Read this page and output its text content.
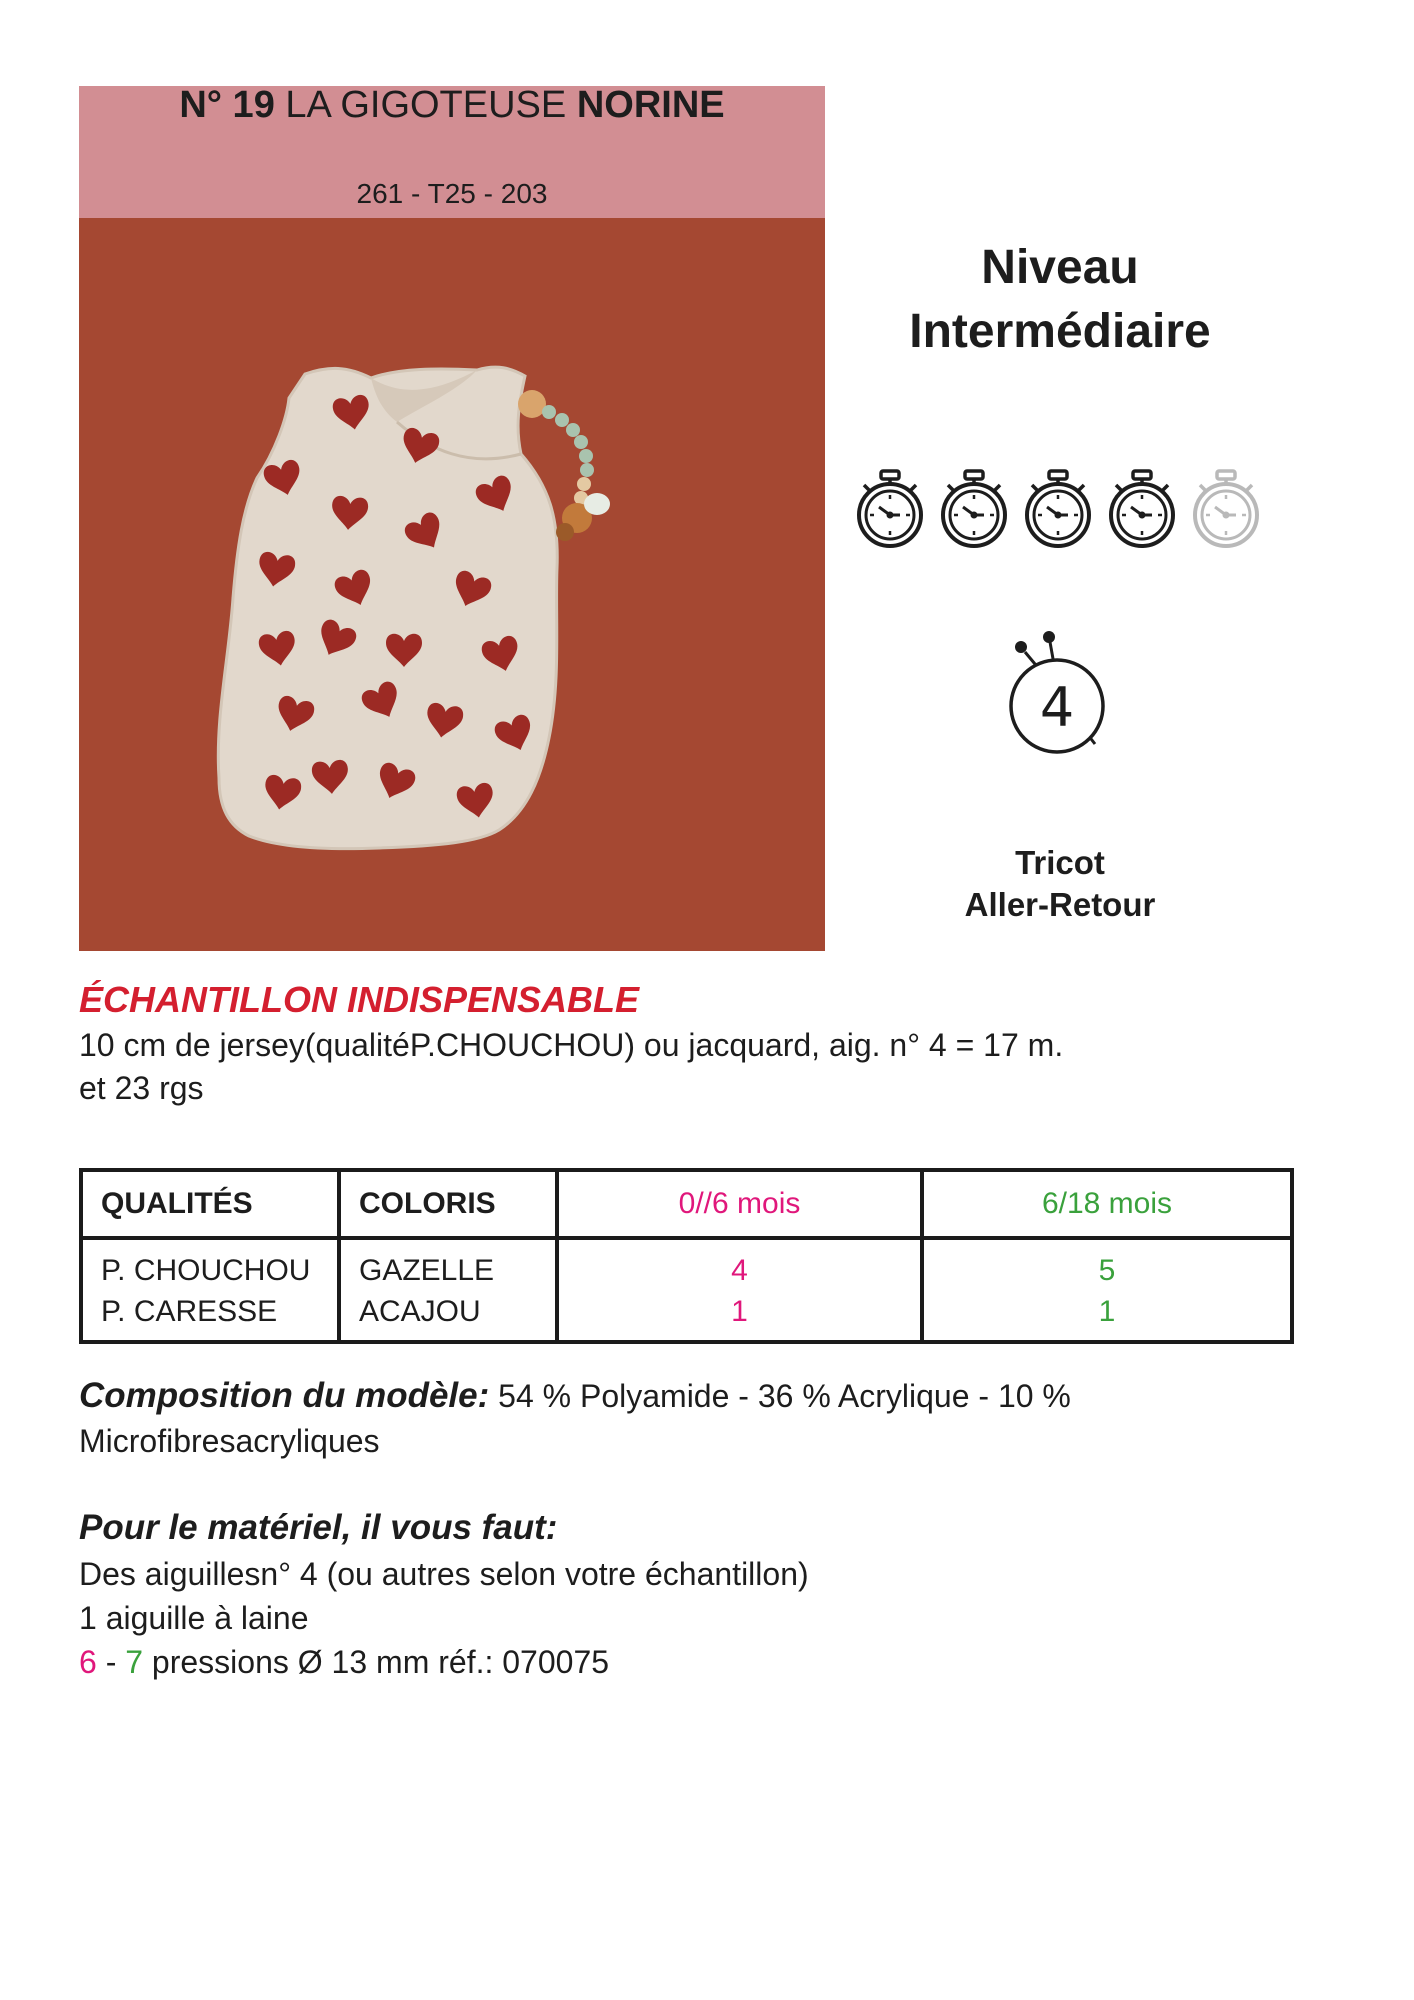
N° 19 LA GIGOTEUSE NORINE
261 - T25 - 203
Niveau
Intermédiaire
4
Tricot
Aller-Retour
ÉCHANTILLON INDISPENSABLE
10 cm de jersey(qualitéP.CHOUCHOU) ou jacquard, aig. n° 4 = 17 m.
et 23 rgs
QUALITÉS	COLORIS	0//6 mois	6/18 mois
P. CHOUCHOU	GAZELLE	4	5
P. CARESSE	ACAJOU	1	1
Composition du modèle: 54 % Polyamide - 36 % Acrylique - 10 % Microfibresacryliques
Pour le matériel, il vous faut:
Des aiguillesn° 4 (ou autres selon votre échantillon)
1 aiguille à laine
6 - 7 pressions Ø 13 mm réf.: 070075
